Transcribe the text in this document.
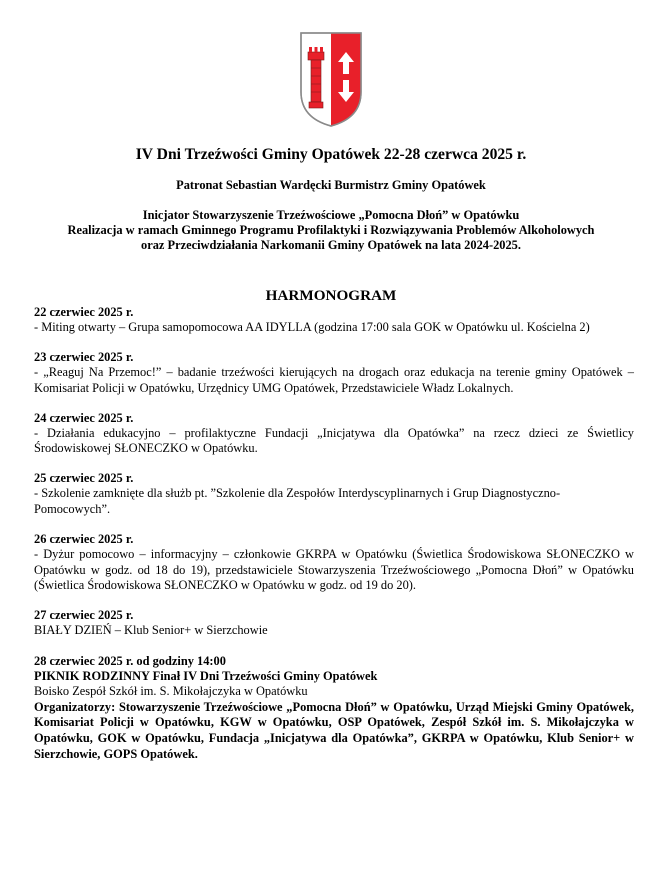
IV Dni Trzeźwości Gminy Opatówek 22-28 czerwca 2025 r.

Patronat Sebastian Wardęcki Burmistrz Gminy Opatówek

Inicjator Stowarzyszenie Trzeźwościowe „Pomocna Dłoń” w Opatówku
Realizacja w ramach Gminnego Programu Profilaktyki i Rozwiązywania Problemów Alkoholowych
oraz Przeciwdziałania Narkomanii Gminy Opatówek na lata 2024-2025.

HARMONOGRAM
22 czerwiec 2025 r.
- Miting otwarty – Grupa samopomocowa AA IDYLLA (godzina 17:00 sala GOK w Opatówku ul. Kościelna 2)
23 czerwiec 2025 r.
- „Reaguj Na Przemoc!” – badanie trzeźwości kierujących na drogach oraz edukacja na terenie gminy Opatówek – Komisariat Policji w Opatówku, Urzędnicy UMG Opatówek, Przedstawiciele Władz Lokalnych.
24 czerwiec 2025 r.
- Działania edukacyjno – profilaktyczne Fundacji „Inicjatywa dla Opatówka” na rzecz dzieci ze Świetlicy Środowiskowej SŁONECZKO w Opatówku.
25 czerwiec 2025 r.
- Szkolenie zamknięte dla służb pt. ”Szkolenie dla Zespołów Interdyscyplinarnych i Grup Diagnostyczno-Pomocowych”.
26 czerwiec 2025 r.
- Dyżur pomocowo – informacyjny – członkowie GKRPA w Opatówku (Świetlica Środowiskowa SŁONECZKO w Opatówku w godz. od 18 do 19), przedstawiciele Stowarzyszenia Trzeźwościowego „Pomocna Dłoń” w Opatówku (Świetlica Środowiskowa SŁONECZKO w Opatówku w godz. od 19 do 20).
27 czerwiec 2025 r.
BIAŁY DZIEŃ – Klub Senior+ w Sierzchowie
28 czerwiec 2025 r. od godziny 14:00
PIKNIK RODZINNY Finał IV Dni Trzeźwości Gminy Opatówek
Boisko Zespół Szkół im. S. Mikołajczyka w Opatówku
Organizatorzy: Stowarzyszenie Trzeźwościowe „Pomocna Dłoń” w Opatówku, Urząd Miejski Gminy Opatówek, Komisariat Policji w Opatówku, KGW w Opatówku, OSP Opatówek, Zespół Szkół im. S. Mikołajczyka w Opatówku, GOK w Opatówku, Fundacja „Inicjatywa dla Opatówka”, GKRPA w Opatówku, Klub Senior+ w Sierzchowie, GOPS Opatówek.
